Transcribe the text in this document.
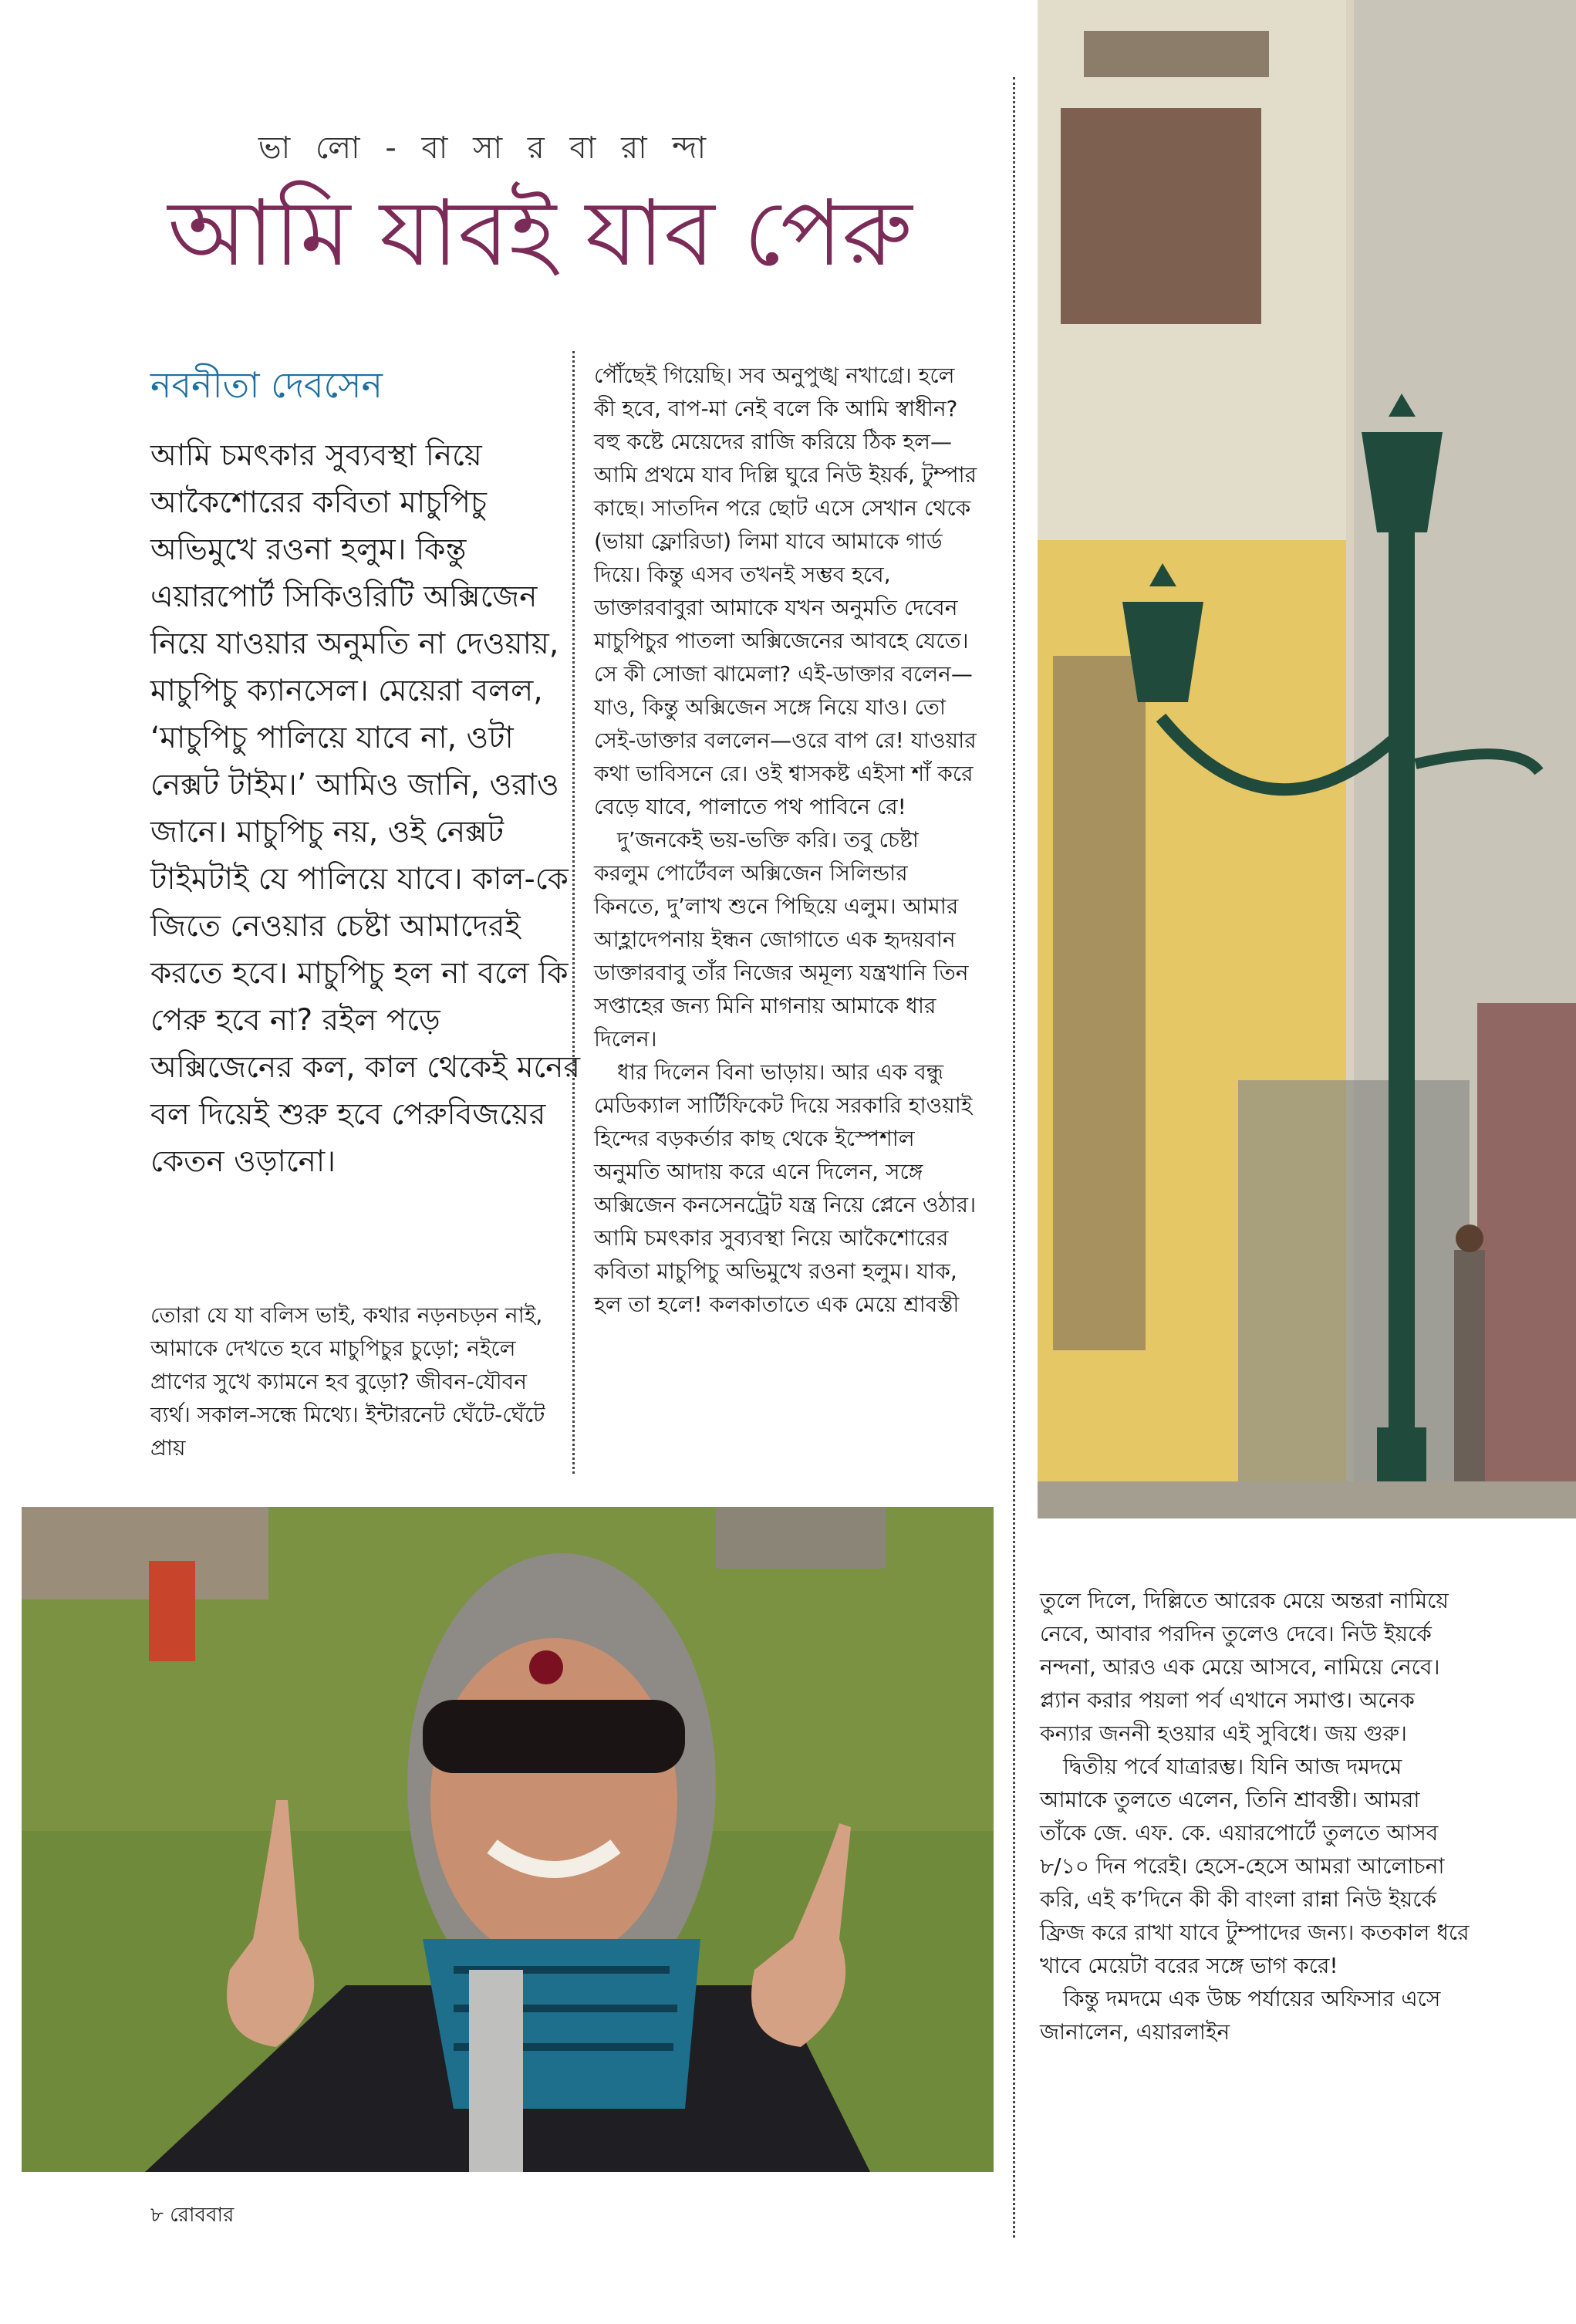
ভা লো - বা সা র বা রা ন্দা
আমি যাবই যাব পেরু
নবনীতা দেবসেন

আমি চমৎকার সুব্যবস্থা নিয়ে আকৈশোরের কবিতা মাচুপিচু অভিমুখে রওনা হলুম। কিন্তু এয়ারপোর্ট সিকিওরিটি অক্সিজেন নিয়ে যাওয়ার অনুমতি না দেওয়ায়, মাচুপিচু ক্যানসেল। মেয়েরা বলল, ‘মাচুপিচু পালিয়ে যাবে না, ওটা নেক্সট টাইম।’ আমিও জানি, ওরাও জানে। মাচুপিচু নয়, ওই নেক্সট টাইমটাই যে পালিয়ে যাবে। কাল-কে জিতে নেওয়ার চেষ্টা আমাদেরই করতে হবে। মাচুপিচু হল না বলে কি পেরু হবে না? রইল পড়ে অক্সিজেনের কল, কাল থেকেই মনের বল দিয়েই শুরু হবে পেরুবিজয়ের কেতন ওড়ানো।

তোরা যে যা বলিস ভাই, কথার নড়নচড়ন নাই, আমাকে দেখতে হবে মাচুপিচুর চুড়ো; নইলে প্রাণের সুখে ক্যামনে হব বুড়ো? জীবন-যৌবন ব্যর্থ। সকাল-সন্ধে মিথ্যে। ইন্টারনেট ঘেঁটে-ঘেঁটে প্রায়

পৌঁছেই গিয়েছি। সব অনুপুঙ্খ নখাগ্রে। হলে কী হবে, বাপ-মা নেই বলে কি আমি স্বাধীন? বহু কষ্টে মেয়েদের রাজি করিয়ে ঠিক হল—আমি প্রথমে যাব দিল্লি ঘুরে নিউ ইয়র্ক, টুম্পার কাছে। সাতদিন পরে ছোট এসে সেখান থেকে (ভায়া ফ্লোরিডা) লিমা যাবে আমাকে গার্ড দিয়ে। কিন্তু এসব তখনই সম্ভব হবে, ডাক্তারবাবুরা আমাকে যখন অনুমতি দেবেন মাচুপিচুর পাতলা অক্সিজেনের আবহে যেতে। সে কী সোজা ঝামেলা? এই-ডাক্তার বলেন—যাও, কিন্তু অক্সিজেন সঙ্গে নিয়ে যাও। তো সেই-ডাক্তার বললেন—ওরে বাপ রে! যাওয়ার কথা ভাবিসনে রে। ওই শ্বাসকষ্ট এইসা শাঁ করে বেড়ে যাবে, পালাতে পথ পাবিনে রে!

দু’জনকেই ভয়-ভক্তি করি। তবু চেষ্টা করলুম পোর্টেবল অক্সিজেন সিলিন্ডার কিনতে, দু’লাখ শুনে পিছিয়ে এলুম। আমার আহ্লাদেপনায় ইন্ধন জোগাতে এক হৃদয়বান ডাক্তারবাবু তাঁর নিজের অমূল্য যন্ত্রখানি তিন সপ্তাহের জন্য মিনি মাগনায় আমাকে ধার দিলেন।

ধার দিলেন বিনা ভাড়ায়। আর এক বন্ধু মেডিক্যাল সার্টিফিকেট দিয়ে সরকারি হাওয়াই হিন্দের বড়কর্তার কাছ থেকে ইস্পেশাল অনুমতি আদায় করে এনে দিলেন, সঙ্গে অক্সিজেন কনসেনট্রেট যন্ত্র নিয়ে প্লেনে ওঠার। আমি চমৎকার সুব্যবস্থা নিয়ে আকৈশোরের কবিতা মাচুপিচু অভিমুখে রওনা হলুম। যাক, হল তা হলে! কলকাতাতে এক মেয়ে শ্রাবস্তী

তুলে দিলে, দিল্লিতে আরেক মেয়ে অন্তরা নামিয়ে নেবে, আবার পরদিন তুলেও দেবে। নিউ ইয়র্কে নন্দনা, আরও এক মেয়ে আসবে, নামিয়ে নেবে। প্ল্যান করার পয়লা পর্ব এখানে সমাপ্ত। অনেক কন্যার জননী হওয়ার এই সুবিধে। জয় গুরু।

দ্বিতীয় পর্বে যাত্রারম্ভ। যিনি আজ দমদমে আমাকে তুলতে এলেন, তিনি শ্রাবস্তী। আমরা তাঁকে জে. এফ. কে. এয়ারপোর্টে তুলতে আসব ৮/১০ দিন পরেই। হেসে-হেসে আমরা আলোচনা করি, এই ক’দিনে কী কী বাংলা রান্না নিউ ইয়র্কে ফ্রিজ করে রাখা যাবে টুম্পাদের জন্য। কতকাল ধরে খাবে মেয়েটা বরের সঙ্গে ভাগ করে!

কিন্তু দমদমে এক উচ্চ পর্যায়ের অফিসার এসে জানালেন, এয়ারলাইন

৮ রোববার
